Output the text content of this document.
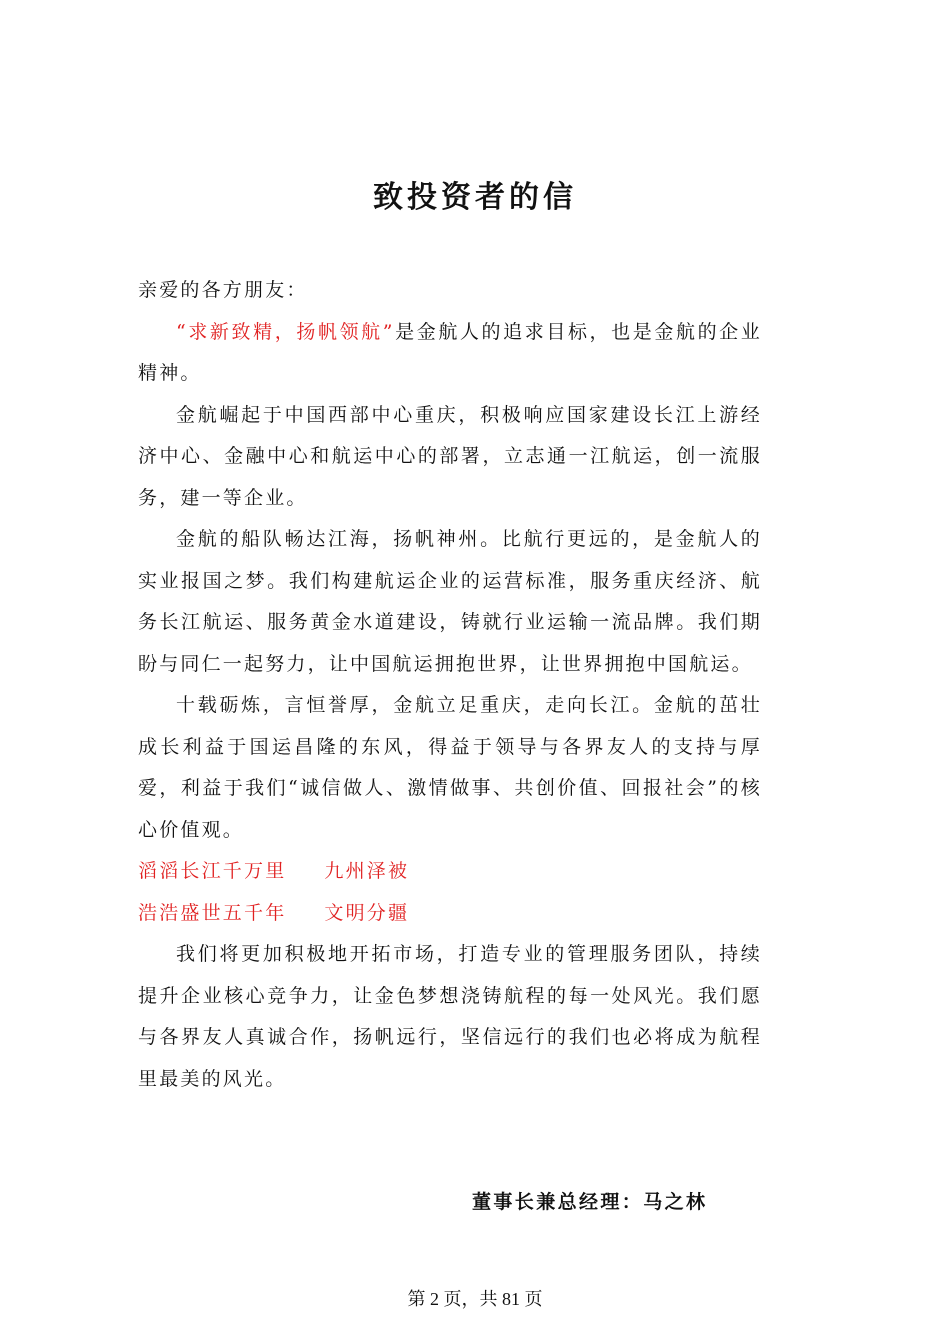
致投资者的信

亲爱的各方朋友：

“求新致精，扬帆领航”是金航人的追求目标，也是金航的企业精神。

金航崛起于中国西部中心重庆，积极响应国家建设长江上游经济中心、金融中心和航运中心的部署，立志通一江航运，创一流服务，建一等企业。

金航的船队畅达江海，扬帆神州。比航行更远的，是金航人的实业报国之梦。我们构建航运企业的运营标准，服务重庆经济、航务长江航运、服务黄金水道建设，铸就行业运输一流品牌。我们期盼与同仁一起努力，让中国航运拥抱世界，让世界拥抱中国航运。

十载砺炼，言恒誉厚，金航立足重庆，走向长江。金航的茁壮成长利益于国运昌隆的东风，得益于领导与各界友人的支持与厚爱，利益于我们“诚信做人、激情做事、共创价值、回报社会”的核心价值观。

滔滔长江千万里 九州泽被

浩浩盛世五千年 文明分疆

我们将更加积极地开拓市场，打造专业的管理服务团队，持续提升企业核心竞争力，让金色梦想浇铸航程的每一处风光。我们愿与各界友人真诚合作，扬帆远行，坚信远行的我们也必将成为航程里最美的风光。

董事长兼总经理：马之林
第 2 页，共 81 页
